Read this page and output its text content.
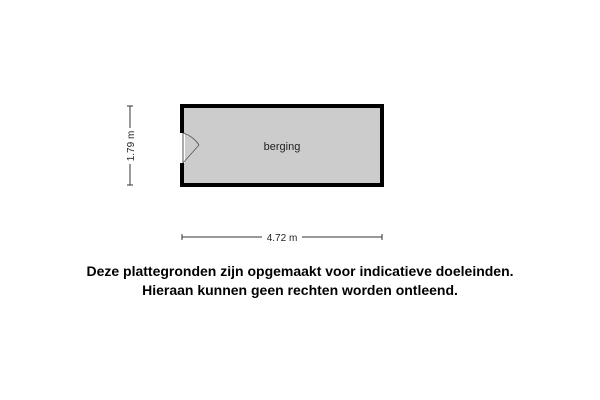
berging
1.79 m
4.72 m
Deze plattegronden zijn opgemaakt voor indicatieve doeleinden.
Hieraan kunnen geen rechten worden ontleend.
